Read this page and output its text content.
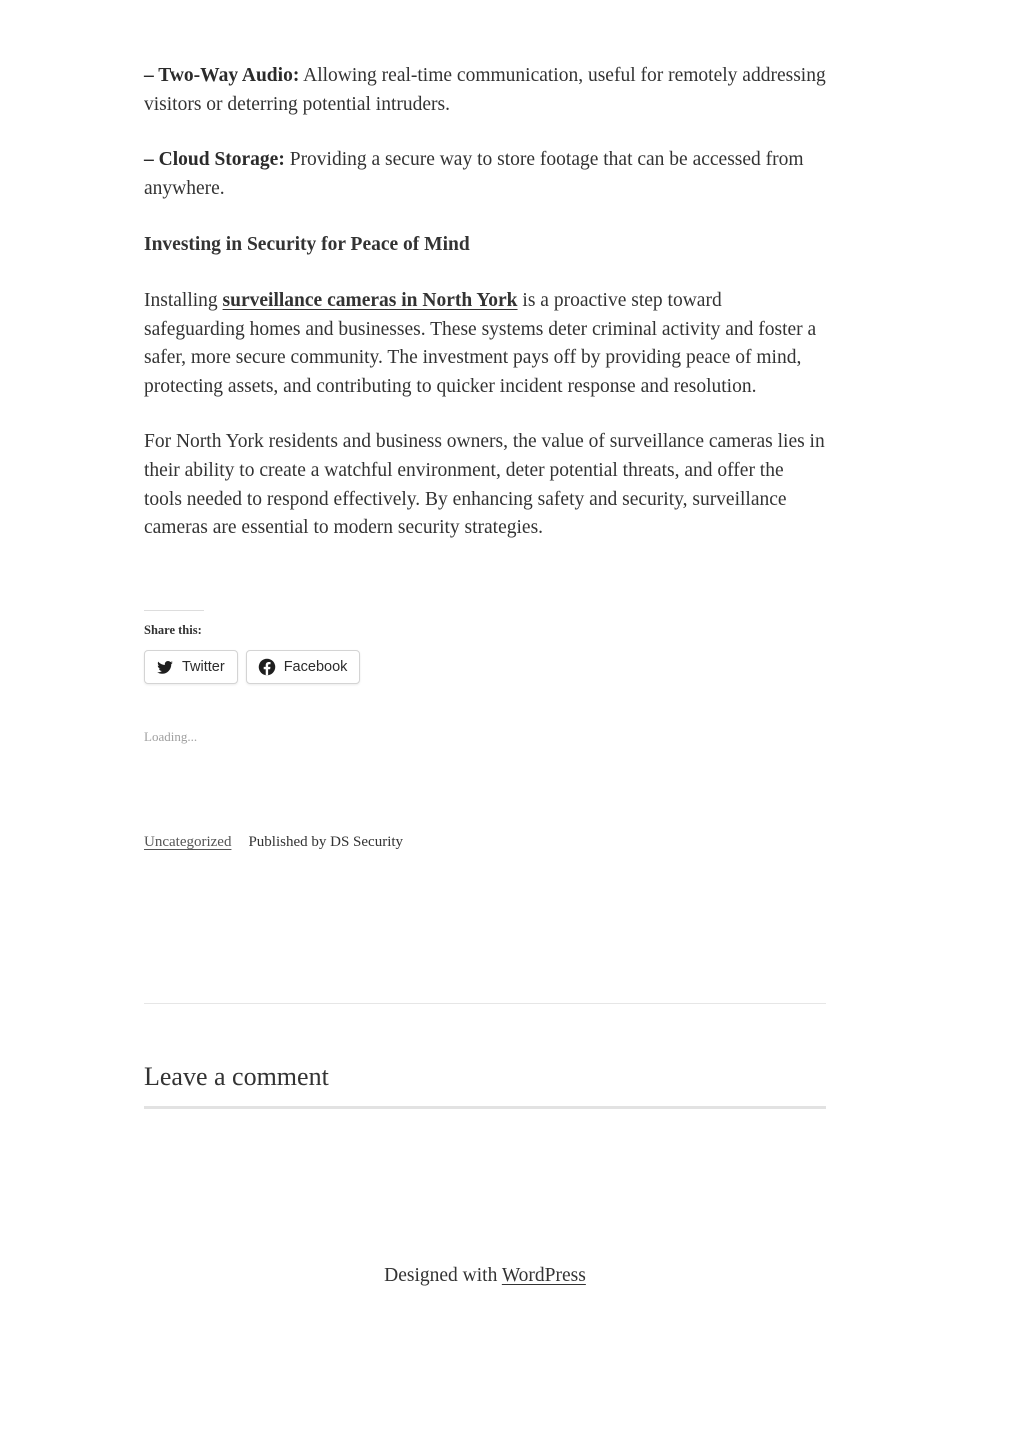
– Two-Way Audio: Allowing real-time communication, useful for remotely addressing visitors or deterring potential intruders.

– Cloud Storage: Providing a secure way to store footage that can be accessed from anywhere.

Investing in Security for Peace of Mind

Installing surveillance cameras in North York is a proactive step toward safeguarding homes and businesses. These systems deter criminal activity and foster a safer, more secure community. The investment pays off by providing peace of mind, protecting assets, and contributing to quicker incident response and resolution.

For North York residents and business owners, the value of surveillance cameras lies in their ability to create a watchful environment, deter potential threats, and offer the tools needed to respond effectively. By enhancing safety and security, surveillance cameras are essential to modern security strategies.

Share this:
Twitter	Facebook
Loading...
Uncategorized Published by DS Security
Leave a comment
Designed with WordPress
